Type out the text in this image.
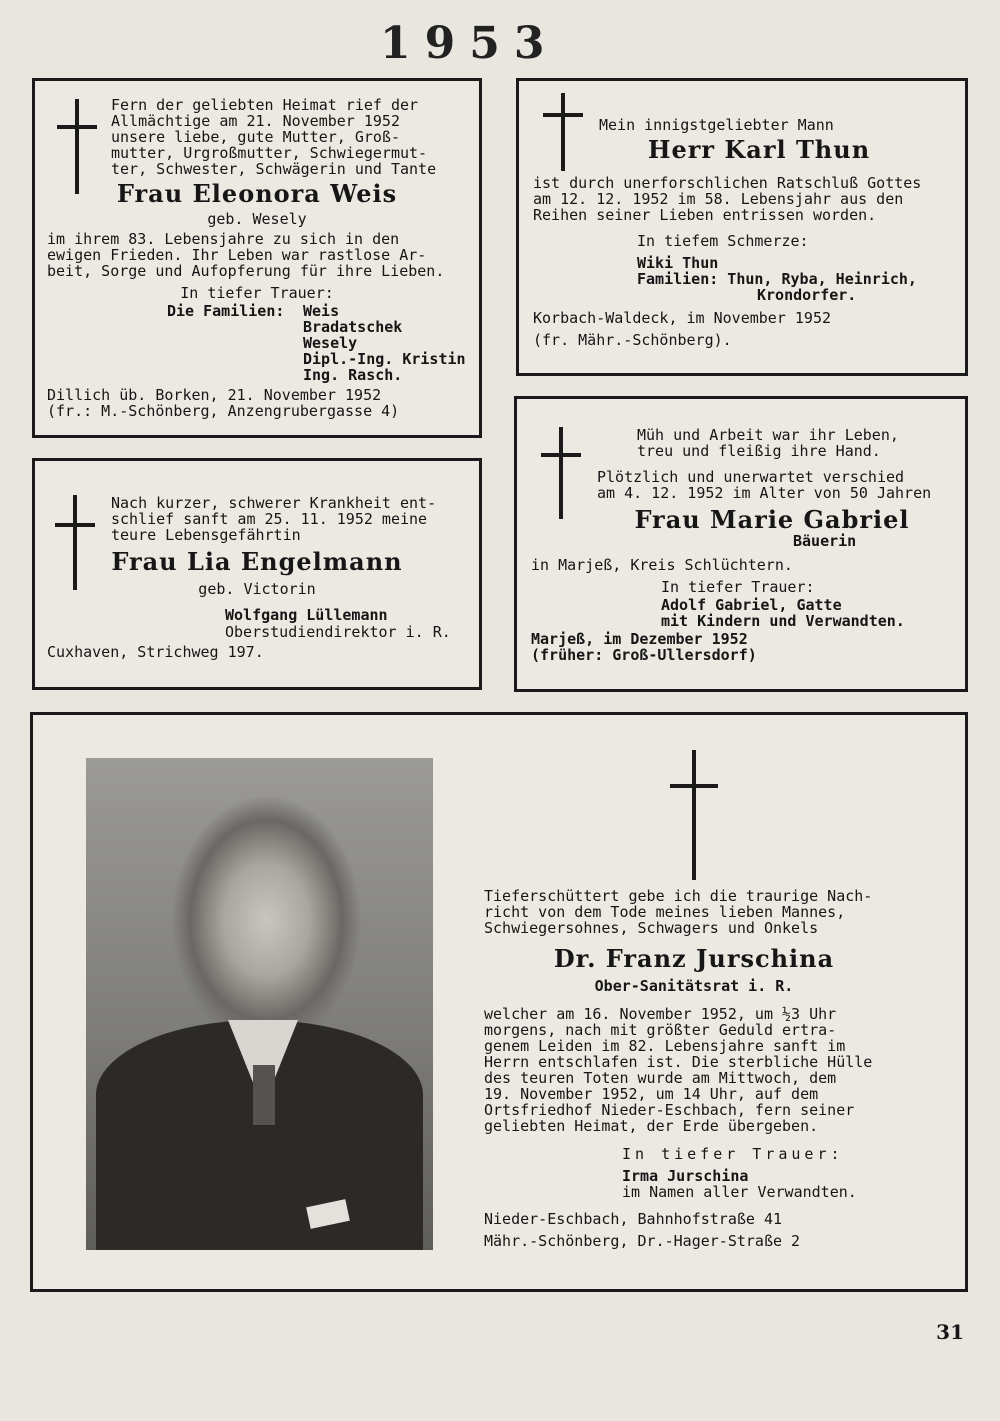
1953
Fern der geliebten Heimat rief der
Allmächtige am 21. November 1952
unsere liebe, gute Mutter, Groß-
mutter, Urgroßmutter, Schwiegermut-
ter, Schwester, Schwägerin und Tante
Frau Eleonora Weis
geb. Wesely
im ihrem 83. Lebensjahre zu sich in den
ewigen Frieden. Ihr Leben war rastlose Ar-
beit, Sorge und Aufopferung für ihre Lieben.
In tiefer Trauer:
Die Familien: Weis
Bradatschek
Wesely
Dipl.-Ing. Kristin
Ing. Rasch.
Dillich üb. Borken, 21. November 1952
(fr.: M.-Schönberg, Anzengrubergasse 4)
Nach kurzer, schwerer Krankheit ent-
schlief sanft am 25. 11. 1952 meine
teure Lebensgefährtin
Frau Lia Engelmann
geb. Victorin
Wolfgang Lüllemann
Oberstudiendirektor i. R.
Cuxhaven, Strichweg 197.
Mein innigstgeliebter Mann
Herr Karl Thun
ist durch unerforschlichen Ratschluß Gottes
am 12. 12. 1952 im 58. Lebensjahr aus den
Reihen seiner Lieben entrissen worden.
In tiefem Schmerze:
Wiki Thun
Familien: Thun, Ryba, Heinrich,
Krondorfer.
Korbach-Waldeck, im November 1952
(fr. Mähr.-Schönberg).
Müh und Arbeit war ihr Leben,
treu und fleißig ihre Hand.
Plötzlich und unerwartet verschied
am 4. 12. 1952 im Alter von 50 Jahren
Frau Marie Gabriel
Bäuerin
in Marjeß, Kreis Schlüchtern.
In tiefer Trauer:
Adolf Gabriel, Gatte
mit Kindern und Verwandten.
Marjeß, im Dezember 1952
(früher: Groß-Ullersdorf)
Tieferschüttert gebe ich die traurige Nach-
richt von dem Tode meines lieben Mannes,
Schwiegersohnes, Schwagers und Onkels
Dr. Franz Jurschina
Ober-Sanitätsrat i. R.
welcher am 16. November 1952, um ½3 Uhr
morgens, nach mit größter Geduld ertra-
genem Leiden im 82. Lebensjahre sanft im
Herrn entschlafen ist. Die sterbliche Hülle
des teuren Toten wurde am Mittwoch, dem
19. November 1952, um 14 Uhr, auf dem
Ortsfriedhof Nieder-Eschbach, fern seiner
geliebten Heimat, der Erde übergeben.
In tiefer Trauer:
Irma Jurschina
im Namen aller Verwandten.
Nieder-Eschbach, Bahnhofstraße 41
Mähr.-Schönberg, Dr.-Hager-Straße 2
31
